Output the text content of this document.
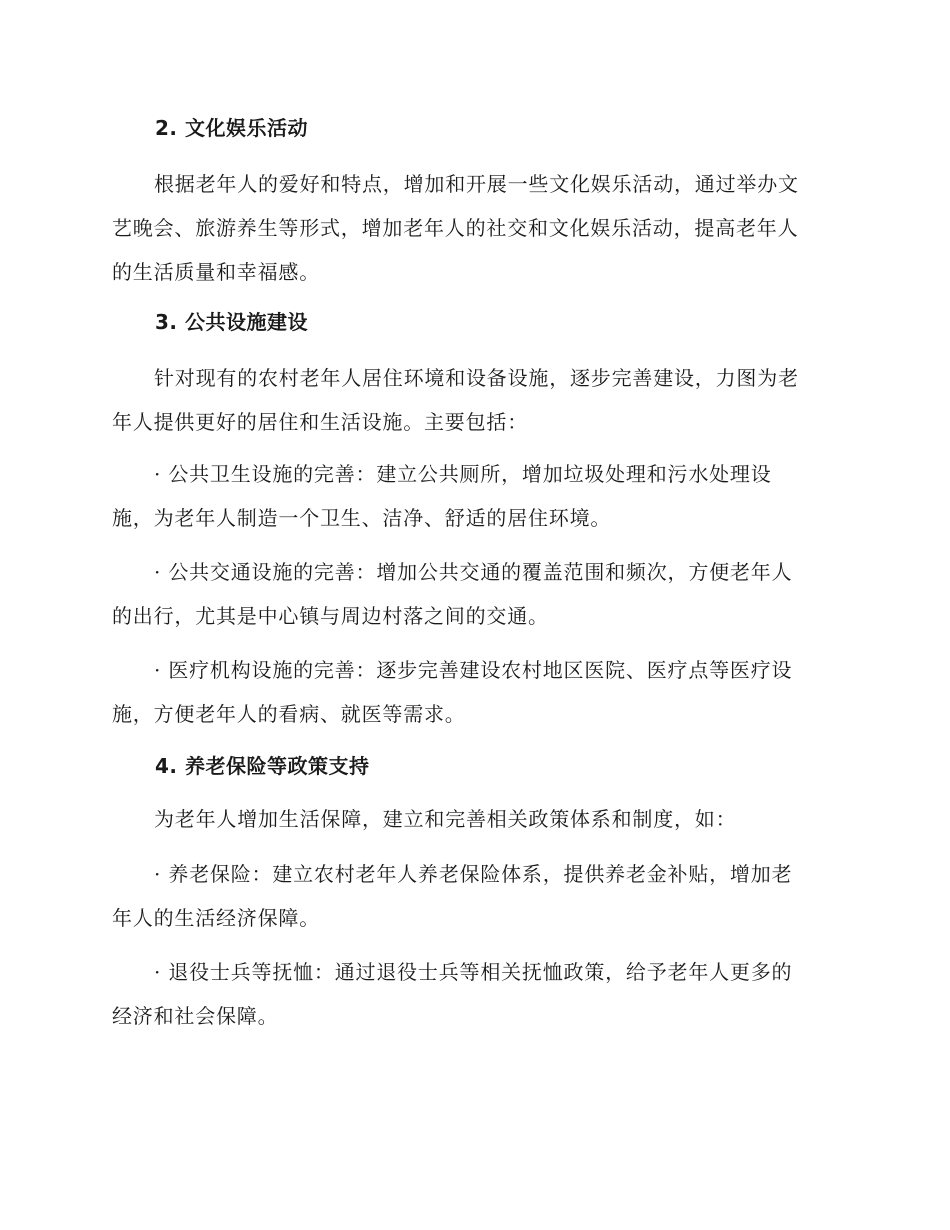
2. 文化娱乐活动
根据老年人的爱好和特点，增加和开展一些文化娱乐活动，通过举办文
艺晚会、旅游养生等形式，增加老年人的社交和文化娱乐活动，提高老年人
的生活质量和幸福感。
3. 公共设施建设
针对现有的农村老年人居住环境和设备设施，逐步完善建设，力图为老
年人提供更好的居住和生活设施。主要包括：
· 公共卫生设施的完善：建立公共厕所，增加垃圾处理和污水处理设
施，为老年人制造一个卫生、洁净、舒适的居住环境。
· 公共交通设施的完善：增加公共交通的覆盖范围和频次，方便老年人
的出行，尤其是中心镇与周边村落之间的交通。
· 医疗机构设施的完善：逐步完善建设农村地区医院、医疗点等医疗设
施，方便老年人的看病、就医等需求。
4. 养老保险等政策支持
为老年人增加生活保障，建立和完善相关政策体系和制度，如：
· 养老保险：建立农村老年人养老保险体系，提供养老金补贴，增加老
年人的生活经济保障。
· 退役士兵等抚恤：通过退役士兵等相关抚恤政策，给予老年人更多的
经济和社会保障。
